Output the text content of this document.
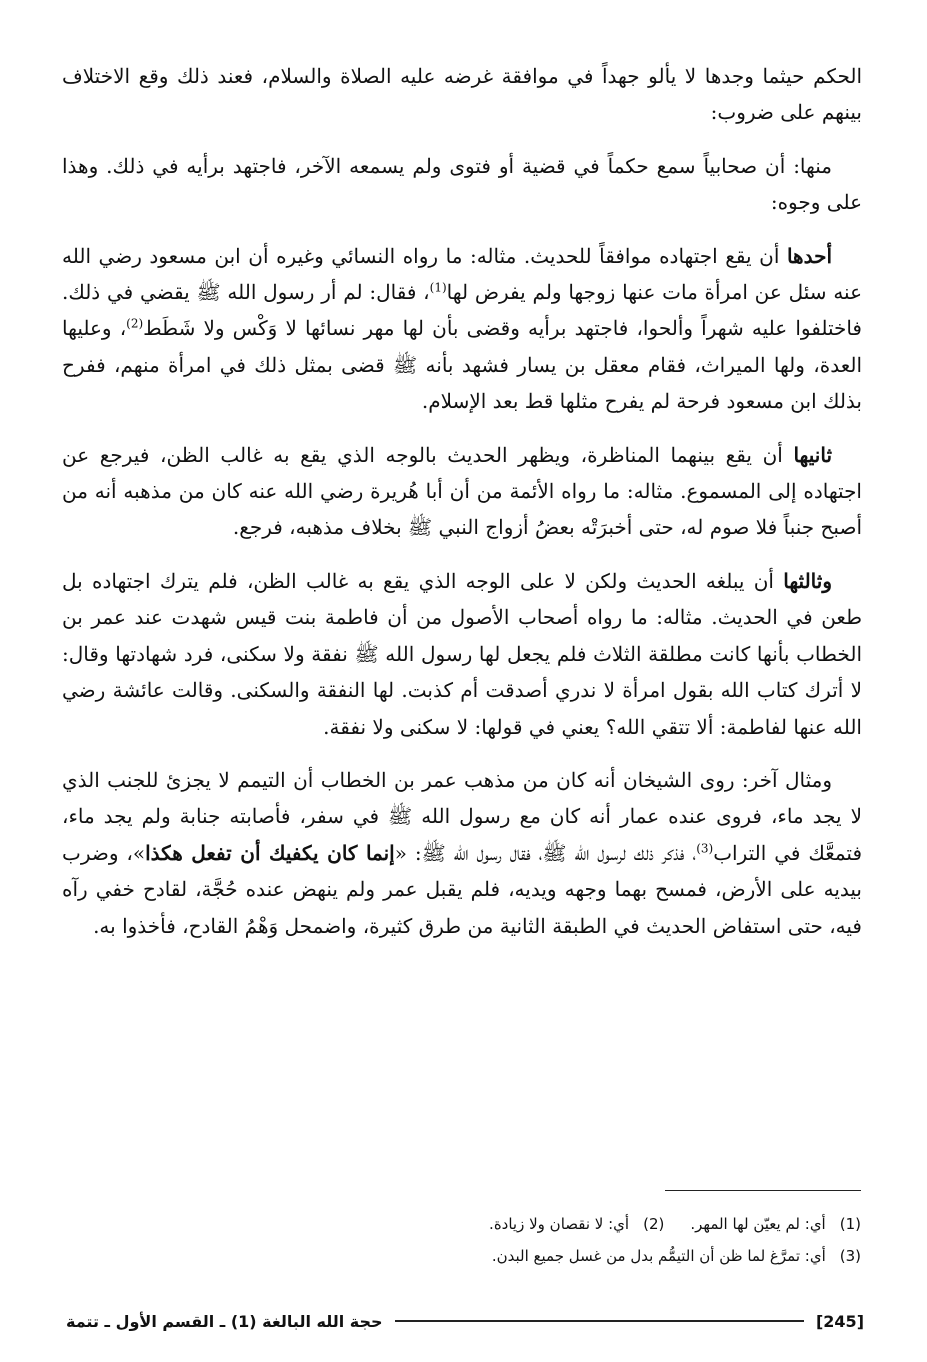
الحكم حيثما وجدها لا يألو جهداً في موافقة غرضه عليه الصلاة والسلام، فعند ذلك وقع الاختلاف بينهم على ضروب:

منها: أن صحابياً سمع حكماً في قضية أو فتوى ولم يسمعه الآخر، فاجتهد برأيه في ذلك. وهذا على وجوه:

أحدها أن يقع اجتهاده موافقاً للحديث. مثاله: ما رواه النسائي وغيره أن ابن مسعود رضي الله عنه سئل عن امرأة مات عنها زوجها ولم يفرض لها$^{(1)}$، فقال: لم أر رسول الله ﷺ يقضي في ذلك. فاختلفوا عليه شهراً وألحوا، فاجتهد برأيه وقضى بأن لها مهر نسائها لا وَكْس ولا شَطَط$^{(2)}$، وعليها العدة، ولها الميراث، فقام معقل بن يسار فشهد بأنه ﷺ قضى بمثل ذلك في امرأة منهم، ففرح بذلك ابن مسعود فرحة لم يفرح مثلها قط بعد الإسلام.

ثانيها أن يقع بينهما المناظرة، ويظهر الحديث بالوجه الذي يقع به غالب الظن، فيرجع عن اجتهاده إلى المسموع. مثاله: ما رواه الأئمة من أن أبا هُريرة رضي الله عنه كان من مذهبه أنه من أصبح جنباً فلا صوم له، حتى أخبرَتْه بعضُ أزواج النبي ﷺ بخلاف مذهبه، فرجع.

وثالثها أن يبلغه الحديث ولكن لا على الوجه الذي يقع به غالب الظن، فلم يترك اجتهاده بل طعن في الحديث. مثاله: ما رواه أصحاب الأصول من أن فاطمة بنت قيس شهدت عند عمر بن الخطاب بأنها كانت مطلقة الثلاث فلم يجعل لها رسول الله ﷺ نفقة ولا سكنى، فرد شهادتها وقال: لا أترك كتاب الله بقول امرأة لا ندري أصدقت أم كذبت. لها النفقة والسكنى. وقالت عائشة رضي الله عنها لفاطمة: ألا تتقي الله؟ يعني في قولها: لا سكنى ولا نفقة.

ومثال آخر: روى الشيخان أنه كان من مذهب عمر بن الخطاب أن التيمم لا يجزئ للجنب الذي لا يجد ماء، فروى عنده عمار أنه كان مع رسول الله ﷺ في سفر، فأصابته جنابة ولم يجد ماء، فتمعَّك في التراب$^{(3)}$، فذكر ذلك لرسول الله ﷺ، فقال رسول الله ﷺ: «إنما كان يكفيك أن تفعل هكذا»، وضرب بيديه على الأرض، فمسح بهما وجهه ويديه، فلم يقبل عمر ولم ينهض عنده حُجَّة، لقادح خفي رآه فيه، حتى استفاض الحديث في الطبقة الثانية من طرق كثيرة، واضمحل وَهْمُ القادح، فأخذوا به.

(1)أي: لم يعيّن لها المهر.
(2)أي: لا نقصان ولا زيادة.
(3)أي: تمرَّغ لما ظن أن التيمُّم بدل من غسل جميع البدن.
[245]
حجة الله البالغة (1) ـ القسم الأول ـ تتمة
